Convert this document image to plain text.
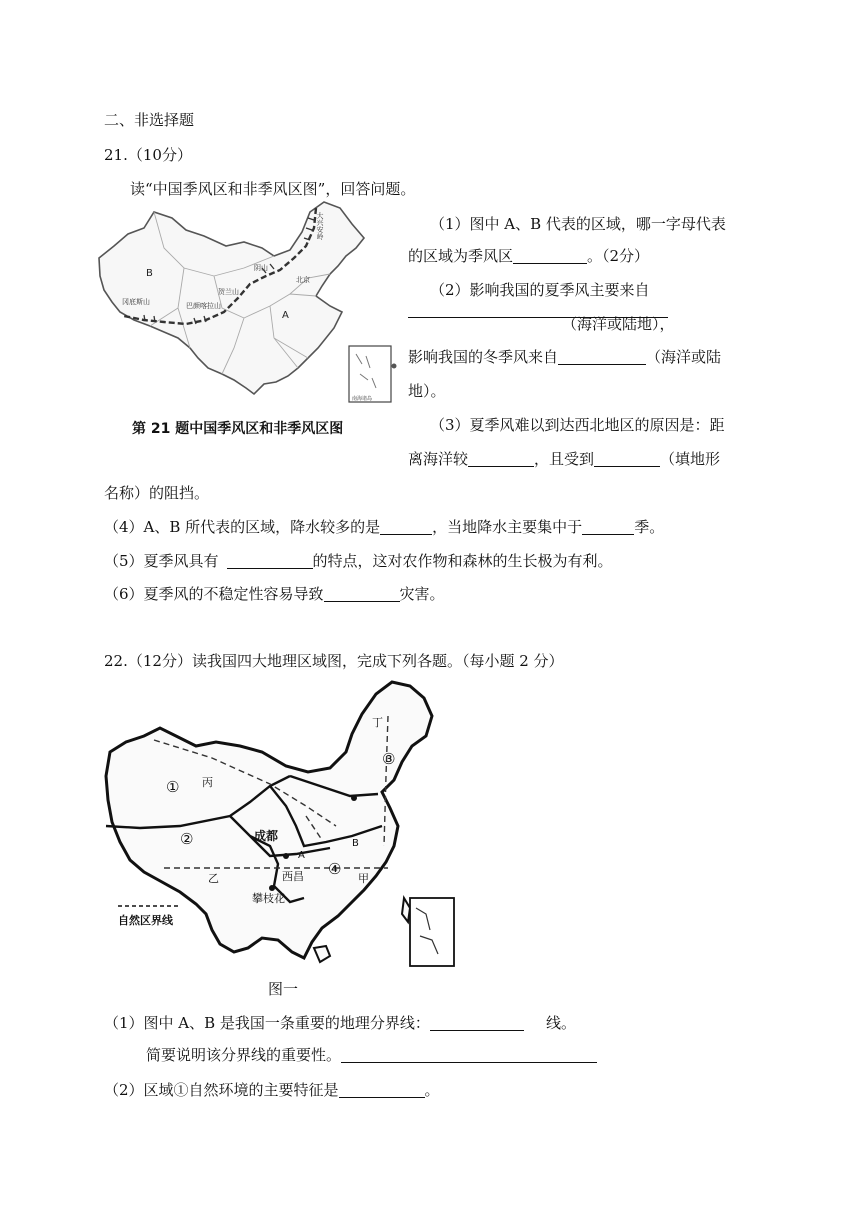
二、非选择题
21.（10分）
读“中国季风区和非季风区图”，回答问题。
B
A
大兴安岭
北京
阴山
贺兰山
冈底斯山	巴颜喀拉山
南海诸岛
第 21 题中国季风区和非季风区图
（1）图中 A、B 代表的区域，哪一字母代表
的区域为季风区	。（2分）
（2）影响我国的夏季风主要来自
（海洋或陆地），
影响我国的冬季风来自	（海洋或陆
地）。
（3）夏季风难以到达西北地区的原因是：距
离海洋较	，且受到	（填地形
名称）的阻挡。
（4）A、B 所代表的区域，降水较多的是	，当地降水主要集中于	季。
（5）夏季风具有	的特点，这对农作物和森林的生长极为有利。
（6）夏季风的不稳定性容易导致	灾害。
22.（12分）读我国四大地理区域图，完成下列各题。（每小题 2 分）
自然区界线
①
②
③
④
丙
丁
乙	甲
A
B
成都
西昌
攀枝花
图一
（1）图中 A、B 是我国一条重要的地理分界线：	线。
简要说明该分界线的重要性。
（2）区域①自然环境的主要特征是	。
